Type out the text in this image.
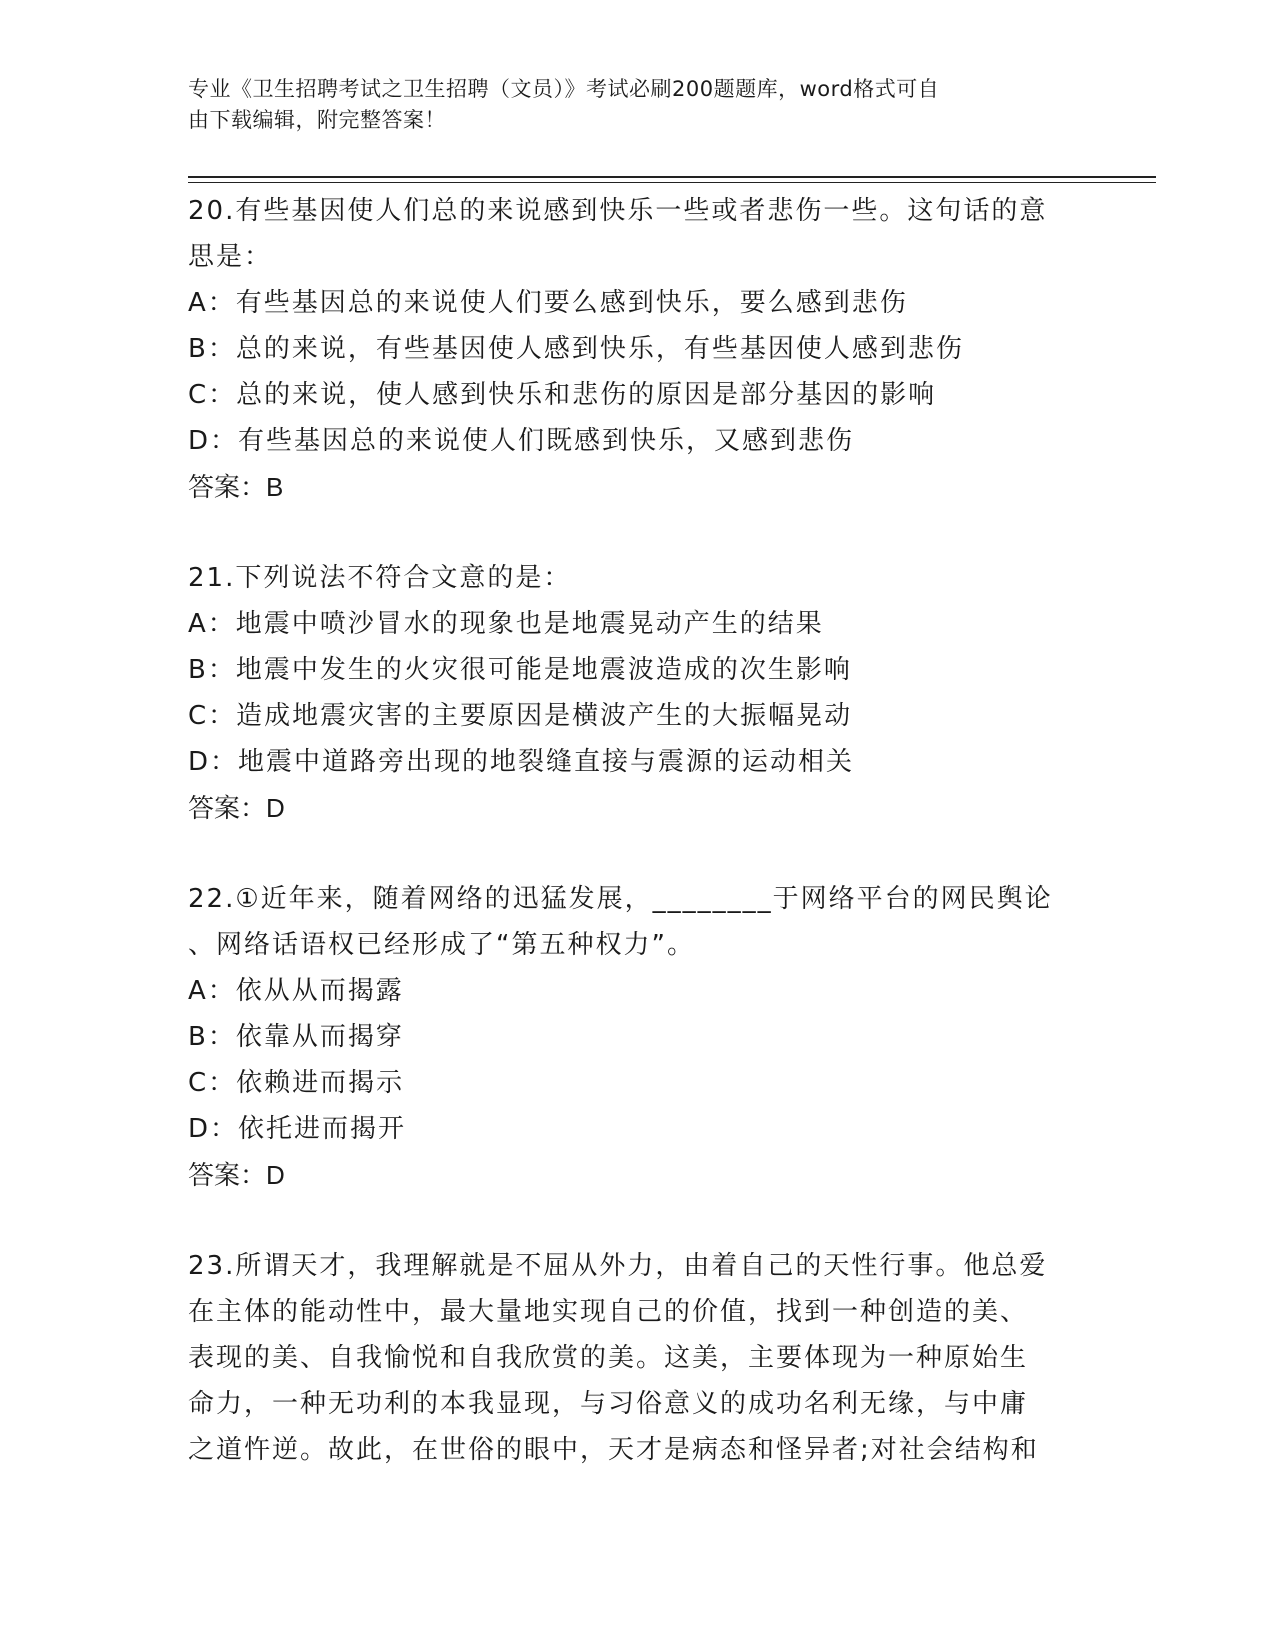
专业《卫生招聘考试之卫生招聘（文员）》考试必刷200题题库，word格式可自
由下载编辑，附完整答案！
20.有些基因使人们总的来说感到快乐一些或者悲伤一些。这句话的意
思是：
A：有些基因总的来说使人们要么感到快乐，要么感到悲伤
B：总的来说，有些基因使人感到快乐，有些基因使人感到悲伤
C：总的来说，使人感到快乐和悲伤的原因是部分基因的影响
D：有些基因总的来说使人们既感到快乐，又感到悲伤
答案：B
21.下列说法不符合文意的是：
A：地震中喷沙冒水的现象也是地震晃动产生的结果
B：地震中发生的火灾很可能是地震波造成的次生影响
C：造成地震灾害的主要原因是横波产生的大振幅晃动
D：地震中道路旁出现的地裂缝直接与震源的运动相关
答案：D
22.①近年来，随着网络的迅猛发展，________于网络平台的网民舆论
、网络话语权已经形成了“第五种权力”。
A：依从从而揭露
B：依靠从而揭穿
C：依赖进而揭示
D：依托进而揭开
答案：D
23.所谓天才，我理解就是不屈从外力，由着自己的天性行事。他总爱
在主体的能动性中，最大量地实现自己的价值，找到一种创造的美、
表现的美、自我愉悦和自我欣赏的美。这美，主要体现为一种原始生
命力，一种无功利的本我显现，与习俗意义的成功名利无缘，与中庸
之道忤逆。故此，在世俗的眼中，天才是病态和怪异者;对社会结构和
